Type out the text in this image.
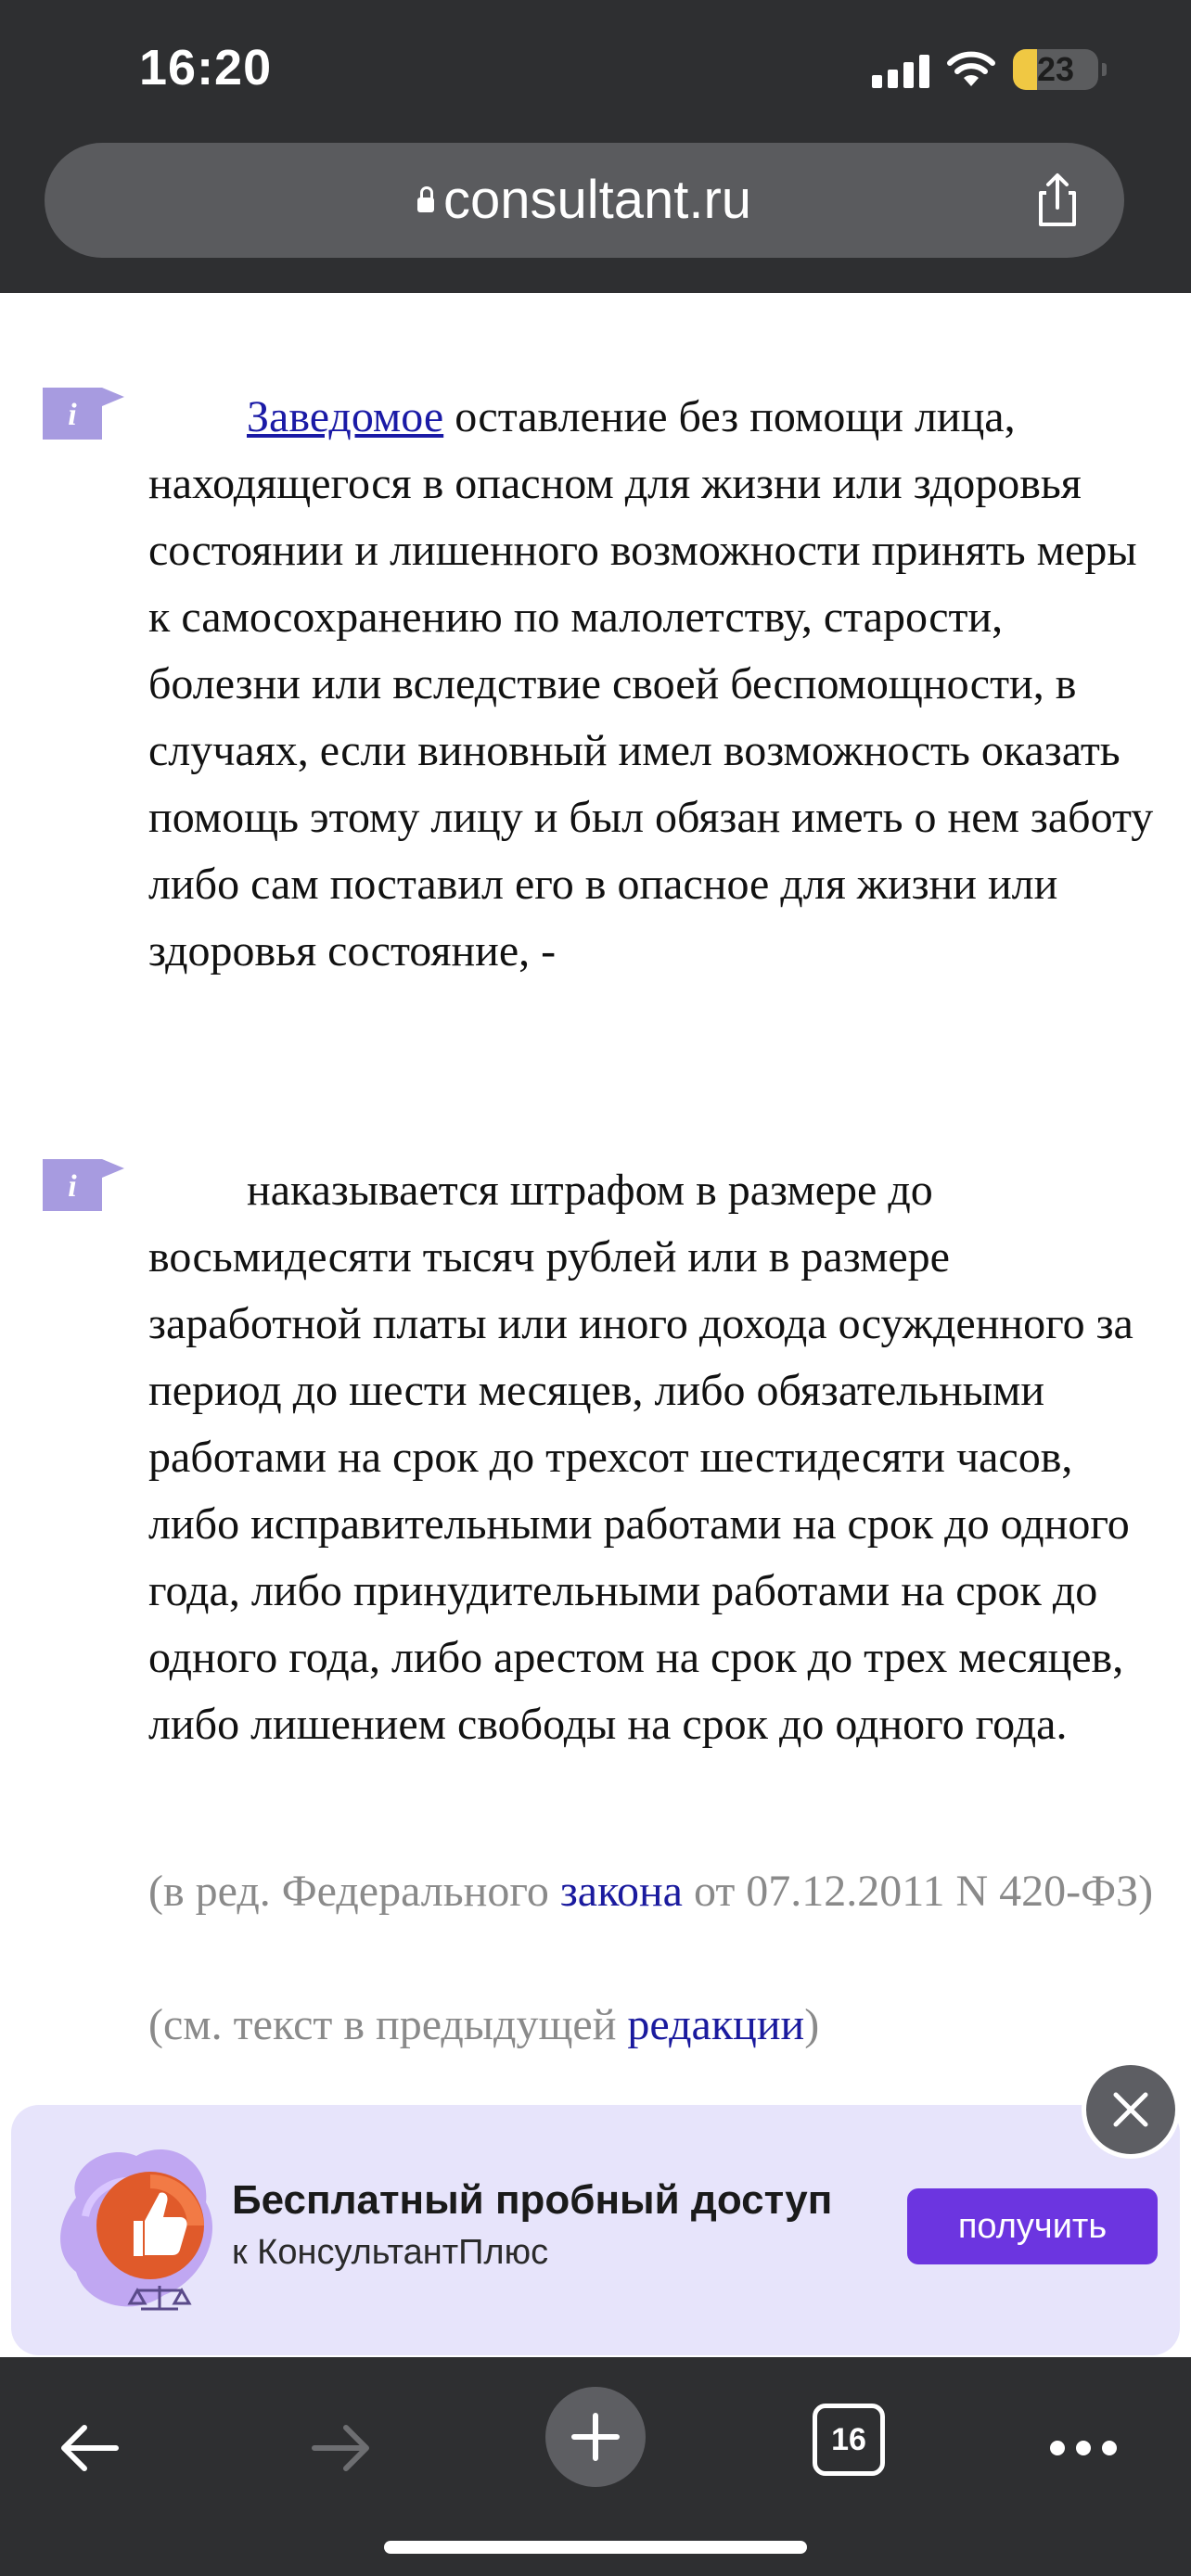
16:20	23
consultant.ru
i	Заведомое оставление без помощи лица, находящегося в опасном для жизни или здоровья состоянии и лишенного возможности принять меры к самосохранению по малолетству, старости, болезни или вследствие своей беспомощности, в случаях, если виновный имел возможность оказать помощь этому лицу и был обязан иметь о нем заботу либо сам поставил его в опасное для жизни или здоровья состояние, -
i	наказывается штрафом в размере до восьмидесяти тысяч рублей или в размере заработной платы или иного дохода осужденного за период до шести месяцев, либо обязательными работами на срок до трехсот шестидесяти часов, либо исправительными работами на срок до одного года, либо принудительными работами на срок до одного года, либо арестом на срок до трех месяцев, либо лишением свободы на срок до одного года.
(в ред. Федерального закона от 07.12.2011 N 420-ФЗ)
(см. текст в предыдущей редакции)
Бесплатный пробный доступ
к КонсультантПлюс
получить
16
